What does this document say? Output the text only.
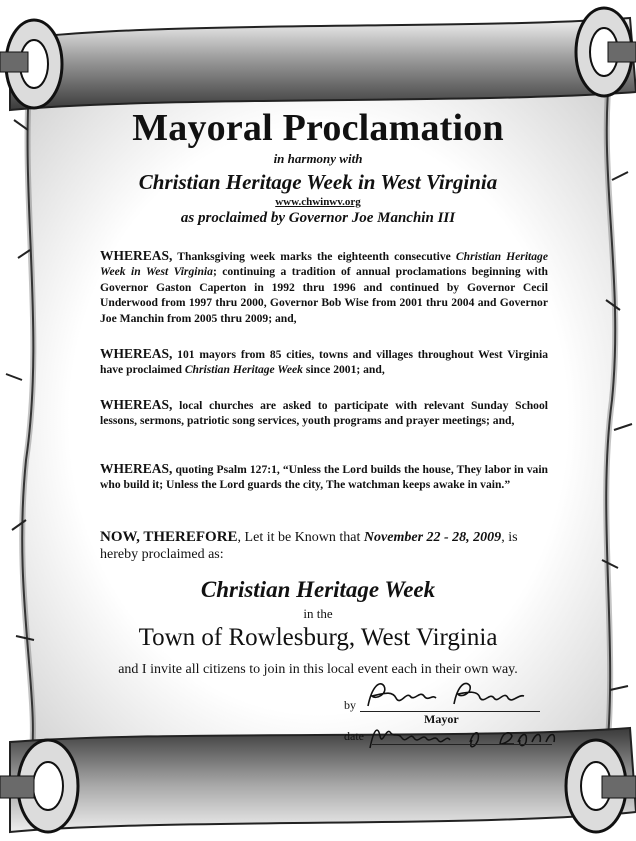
Mayoral Proclamation
in harmony with
Christian Heritage Week in West Virginia
www.chwinwv.org
as proclaimed by Governor Joe Manchin III

WHEREAS, Thanksgiving week marks the eighteenth consecutive Christian Heritage Week in West Virginia; continuing a tradition of annual proclamations beginning with Governor Gaston Caperton in 1992 thru 1996 and continued by Governor Cecil Underwood from 1997 thru 2000, Governor Bob Wise from 2001 thru 2004 and Governor Joe Manchin from 2005 thru 2009; and,

WHEREAS, 101 mayors from 85 cities, towns and villages throughout West Virginia have proclaimed Christian Heritage Week since 2001; and,

WHEREAS, local churches are asked to participate with relevant Sunday School lessons, sermons, patriotic song services, youth programs and prayer meetings; and,

WHEREAS, quoting Psalm 127:1, “Unless the Lord builds the house, They labor in vain who build it; Unless the Lord guards the city, The watchman keeps awake in vain.”

NOW, THEREFORE, Let it be Known that November 22 - 28, 2009, is hereby proclaimed as:

Christian Heritage Week
in the
Town of Rowlesburg, West Virginia
and I invite all citizens to join in this local event each in their own way.
by
Mayor
date
